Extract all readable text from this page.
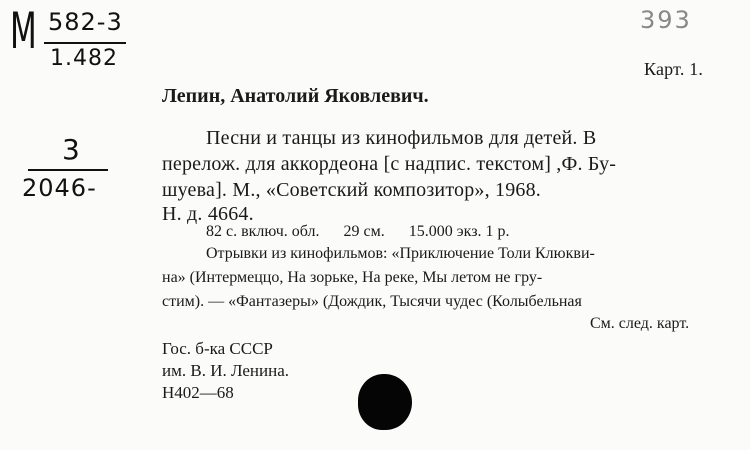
M 582-3
1.482
393
Карт. 1.
Лепин, Анатолий Яковлевич.
3
2046-
Песни и танцы из кинофильмов для детей. В
перелож. для аккордеона [с надпис. текстом] ,Ф. Бу-
шуева]. М., «Советский композитор», 1968.
Н. д. 4664.
82 с. включ. обл.      29 см.      15.000 экз. 1 р.
Отрывки из кинофильмов: «Приключение Толи Клюкви-
на» (Интермеццо, На зорьке, На реке, Мы летом не гру-
стим). — «Фантазеры» (Дождик, Тысячи чудес (Колыбельная
См. след. карт.
Гос. б-ка СССР
им. В. И. Ленина.
Н402—68
